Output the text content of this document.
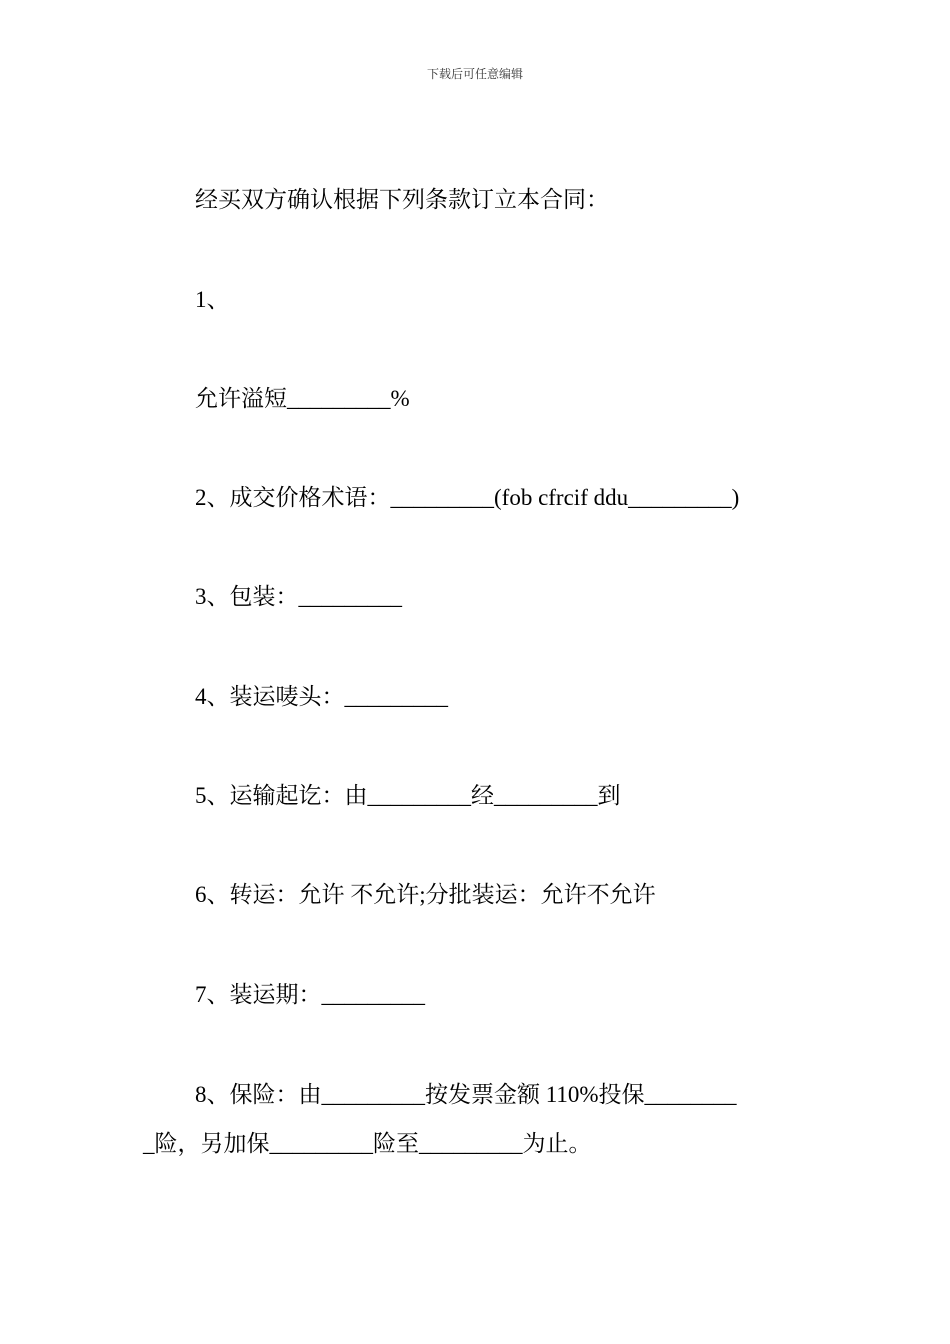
下载后可任意编辑
经买双方确认根据下列条款订立本合同：
1、
允许溢短_________%
2、成交价格术语：_________(fob cfrcif ddu_________)
3、包装：_________
4、装运唛头：_________
5、运输起讫：由_________经_________到
6、转运：允许 不允许;分批装运：允许不允许
7、装运期：_________
8、保险：由_________按发票金额 110%投保________
_险，另加保_________险至_________为止。
